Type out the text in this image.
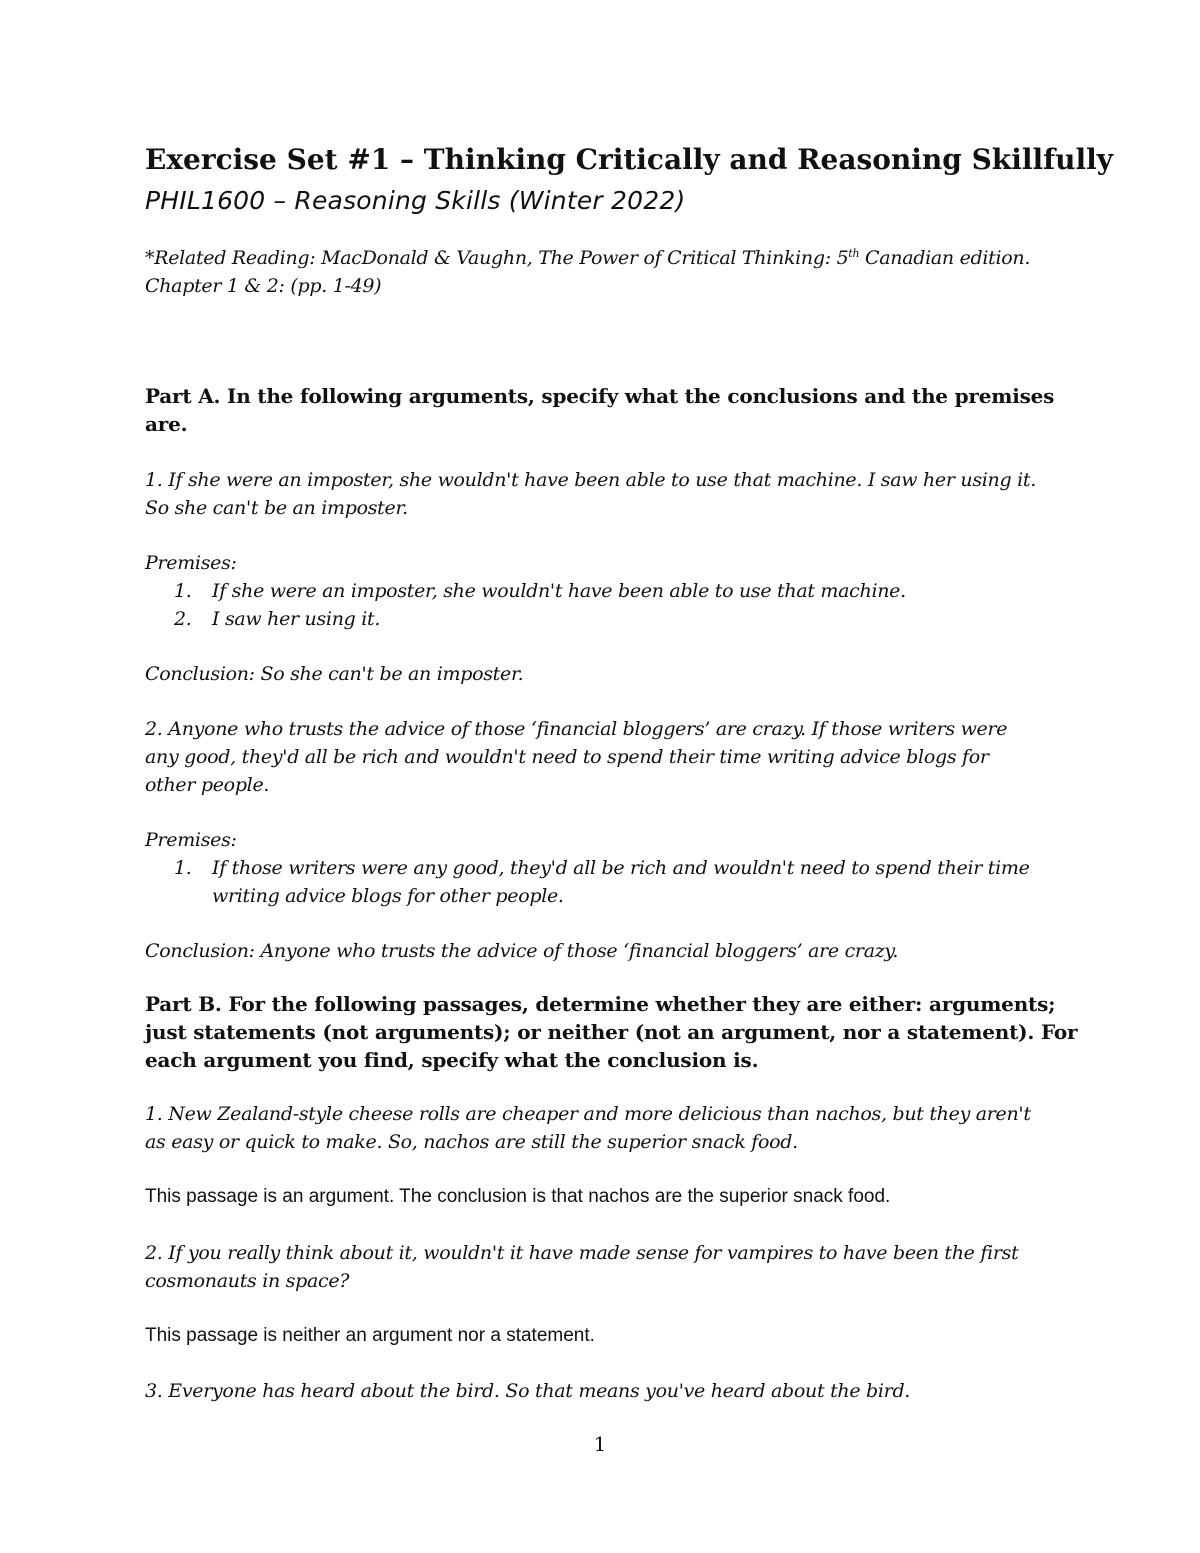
Exercise Set #1 – Thinking Critically and Reasoning Skillfully
PHIL1600 – Reasoning Skills (Winter 2022)
*Related Reading: MacDonald & Vaughn, The Power of Critical Thinking: 5th Canadian edition.
Chapter 1 & 2: (pp. 1-49)
Part A. In the following arguments, specify what the conclusions and the premises
are.
1. If she were an imposter, she wouldn't have been able to use that machine. I saw her using it.
So she can't be an imposter.
Premises:
1.	If she were an imposter, she wouldn't have been able to use that machine.
2.	I saw her using it.
Conclusion: So she can't be an imposter.
2. Anyone who trusts the advice of those ‘financial bloggers’ are crazy. If those writers were
any good, they'd all be rich and wouldn't need to spend their time writing advice blogs for
other people.
Premises:
1.	If those writers were any good, they'd all be rich and wouldn't need to spend their time
writing advice blogs for other people.
Conclusion: Anyone who trusts the advice of those ‘financial bloggers’ are crazy.
Part B. For the following passages, determine whether they are either: arguments;
just statements (not arguments); or neither (not an argument, nor a statement). For
each argument you find, specify what the conclusion is.
1. New Zealand-style cheese rolls are cheaper and more delicious than nachos, but they aren't
as easy or quick to make. So, nachos are still the superior snack food.
This passage is an argument. The conclusion is that nachos are the superior snack food.
2. If you really think about it, wouldn't it have made sense for vampires to have been the first
cosmonauts in space?
This passage is neither an argument nor a statement.
3. Everyone has heard about the bird. So that means you've heard about the bird.
1
